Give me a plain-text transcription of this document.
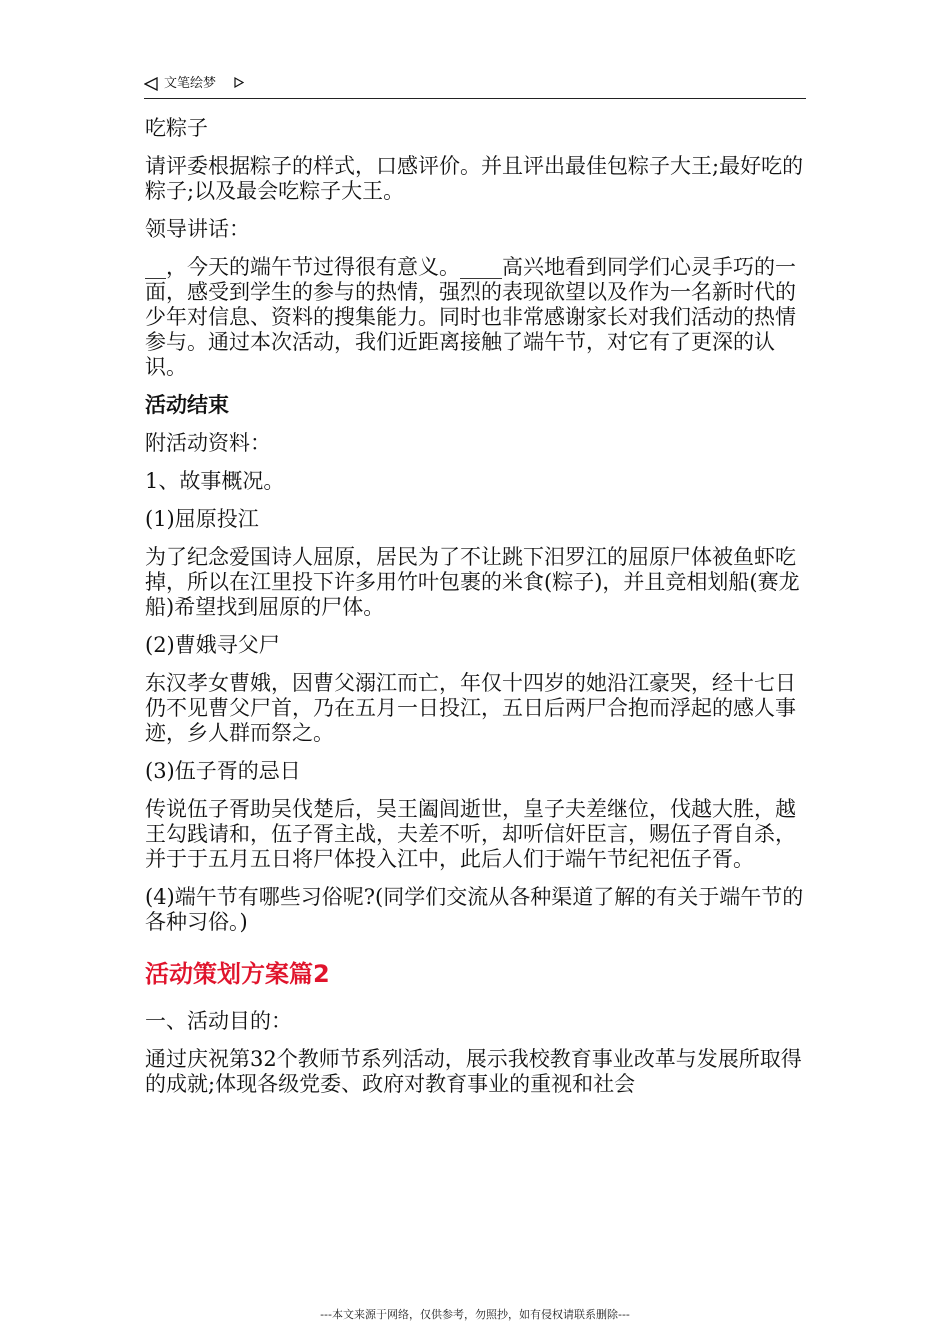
文笔绘梦

吃粽子

请评委根据粽子的样式，口感评价。并且评出最佳包粽子大王;最好吃的粽子;以及最会吃粽子大王。

领导讲话：

__，今天的端午节过得很有意义。____高兴地看到同学们心灵手巧的一面，感受到学生的参与的热情，强烈的表现欲望以及作为一名新时代的少年对信息、资料的搜集能力。同时也非常感谢家长对我们活动的热情参与。通过本次活动，我们近距离接触了端午节，对它有了更深的认识。

活动结束

附活动资料：

1、故事概况。

(1)屈原投江

为了纪念爱国诗人屈原，居民为了不让跳下汨罗江的屈原尸体被鱼虾吃掉，所以在江里投下许多用竹叶包裹的米食(粽子)，并且竞相划船(赛龙船)希望找到屈原的尸体。

(2)曹娥寻父尸

东汉孝女曹娥，因曹父溺江而亡，年仅十四岁的她沿江豪哭，经十七日仍不见曹父尸首，乃在五月一日投江，五日后两尸合抱而浮起的感人事迹，乡人群而祭之。

(3)伍子胥的忌日

传说伍子胥助吴伐楚后，吴王阖闾逝世，皇子夫差继位，伐越大胜，越王勾践请和，伍子胥主战，夫差不听，却听信奸臣言，赐伍子胥自杀，并于于五月五日将尸体投入江中，此后人们于端午节纪祀伍子胥。

(4)端午节有哪些习俗呢?(同学们交流从各种渠道了解的有关于端午节的各种习俗。)

活动策划方案篇2

一、活动目的：

通过庆祝第32个教师节系列活动，展示我校教育事业改革与发展所取得的成就;体现各级党委、政府对教育事业的重视和社会

---本文来源于网络，仅供参考，勿照抄，如有侵权请联系删除---
